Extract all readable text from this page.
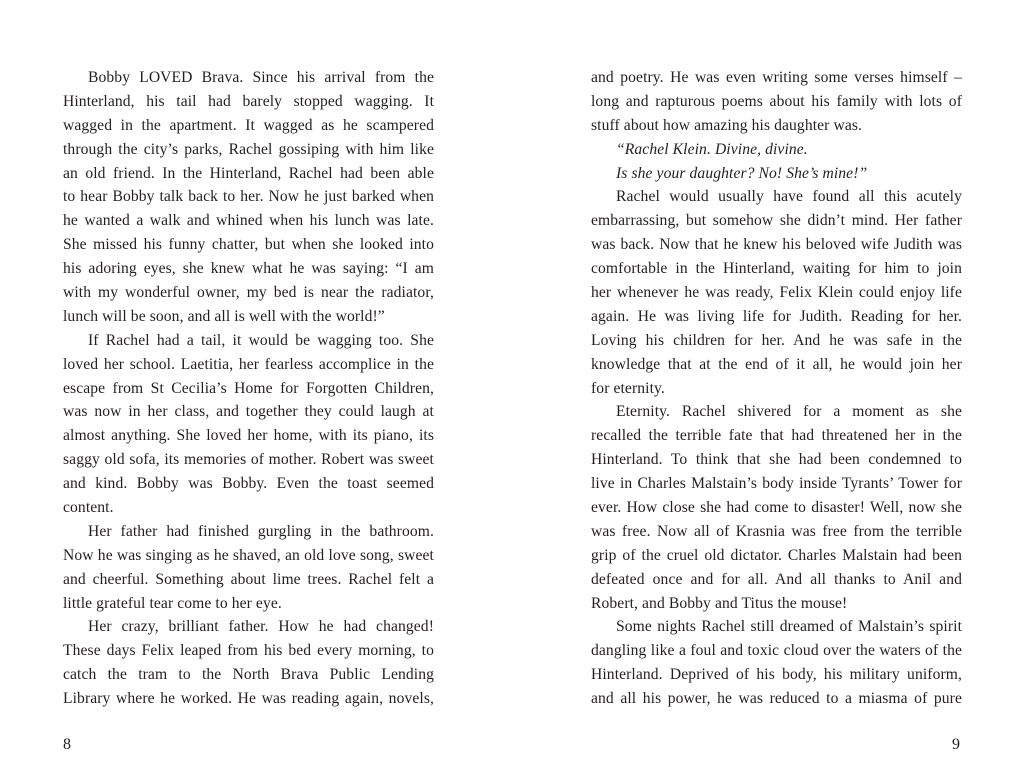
Bobby LOVED Brava. Since his arrival from the
Hinterland, his tail had barely stopped wagging. It
wagged in the apartment. It wagged as he scampered
through the city’s parks, Rachel gossiping with him like
an old friend. In the Hinterland, Rachel had been able
to hear Bobby talk back to her. Now he just barked when
he wanted a walk and whined when his lunch was late.
She missed his funny chatter, but when she looked into
his adoring eyes, she knew what he was saying: “I am
with my wonderful owner, my bed is near the radiator,
lunch will be soon, and all is well with the world!”
If Rachel had a tail, it would be wagging too. She
loved her school. Laetitia, her fearless accomplice in the
escape from St Cecilia’s Home for Forgotten Children,
was now in her class, and together they could laugh at
almost anything. She loved her home, with its piano, its
saggy old sofa, its memories of mother. Robert was sweet
and kind. Bobby was Bobby. Even the toast seemed
content.
Her father had finished gurgling in the bathroom.
Now he was singing as he shaved, an old love song, sweet
and cheerful. Something about lime trees. Rachel felt a
little grateful tear come to her eye.
Her crazy, brilliant father. How he had changed!
These days Felix leaped from his bed every morning, to
catch the tram to the North Brava Public Lending
Library where he worked. He was reading again, novels,
and poetry. He was even writing some verses himself –
long and rapturous poems about his family with lots of
stuff about how amazing his daughter was.
“Rachel Klein. Divine, divine.
Is she your daughter? No! She’s mine!”
Rachel would usually have found all this acutely
embarrassing, but somehow she didn’t mind. Her father
was back. Now that he knew his beloved wife Judith was
comfortable in the Hinterland, waiting for him to join
her whenever he was ready, Felix Klein could enjoy life
again. He was living life for Judith. Reading for her.
Loving his children for her. And he was safe in the
knowledge that at the end of it all, he would join her
for eternity.
Eternity. Rachel shivered for a moment as she
recalled the terrible fate that had threatened her in the
Hinterland. To think that she had been condemned to
live in Charles Malstain’s body inside Tyrants’ Tower for
ever. How close she had come to disaster! Well, now she
was free. Now all of Krasnia was free from the terrible
grip of the cruel old dictator. Charles Malstain had been
defeated once and for all. And all thanks to Anil and
Robert, and Bobby and Titus the mouse!
Some nights Rachel still dreamed of Malstain’s spirit
dangling like a foul and toxic cloud over the waters of the
Hinterland. Deprived of his body, his military uniform,
and all his power, he was reduced to a miasma of pure
8	9
